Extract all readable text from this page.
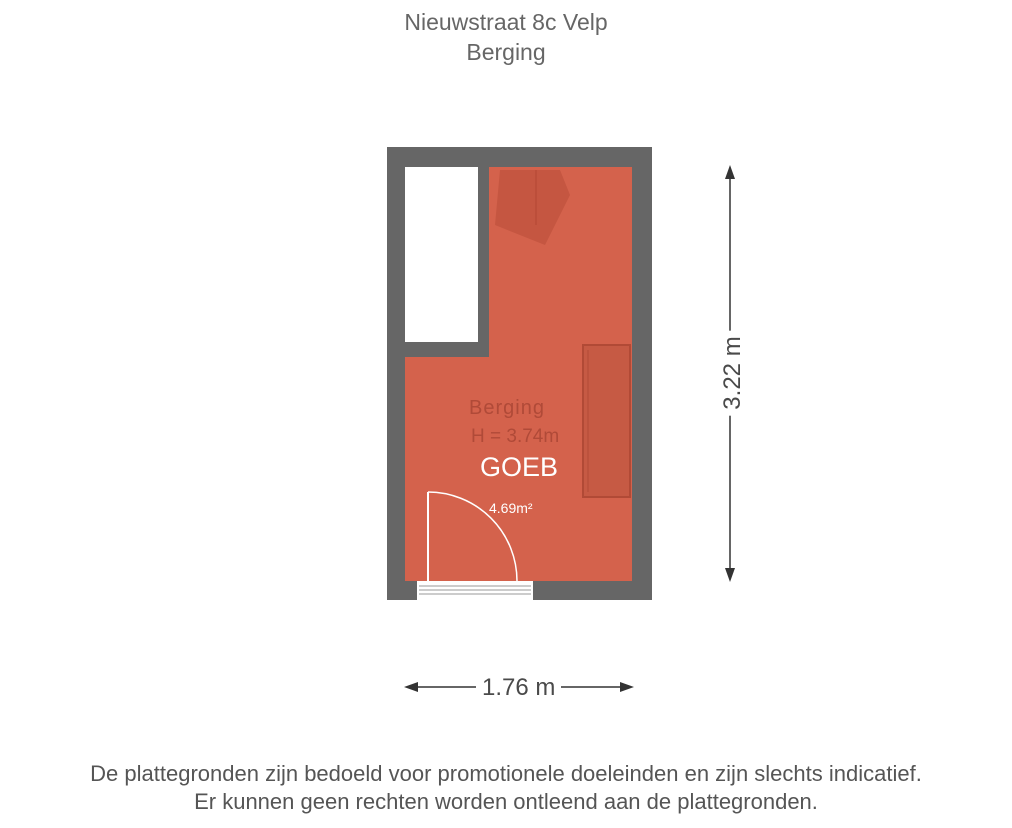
Nieuwstraat 8c Velp
Berging
Berging
H = 3.74m
GOEB
4.69m²
1.76 m
3.22 m
De plattegronden zijn bedoeld voor promotionele doeleinden en zijn slechts indicatief.
Er kunnen geen rechten worden ontleend aan de plattegronden.
